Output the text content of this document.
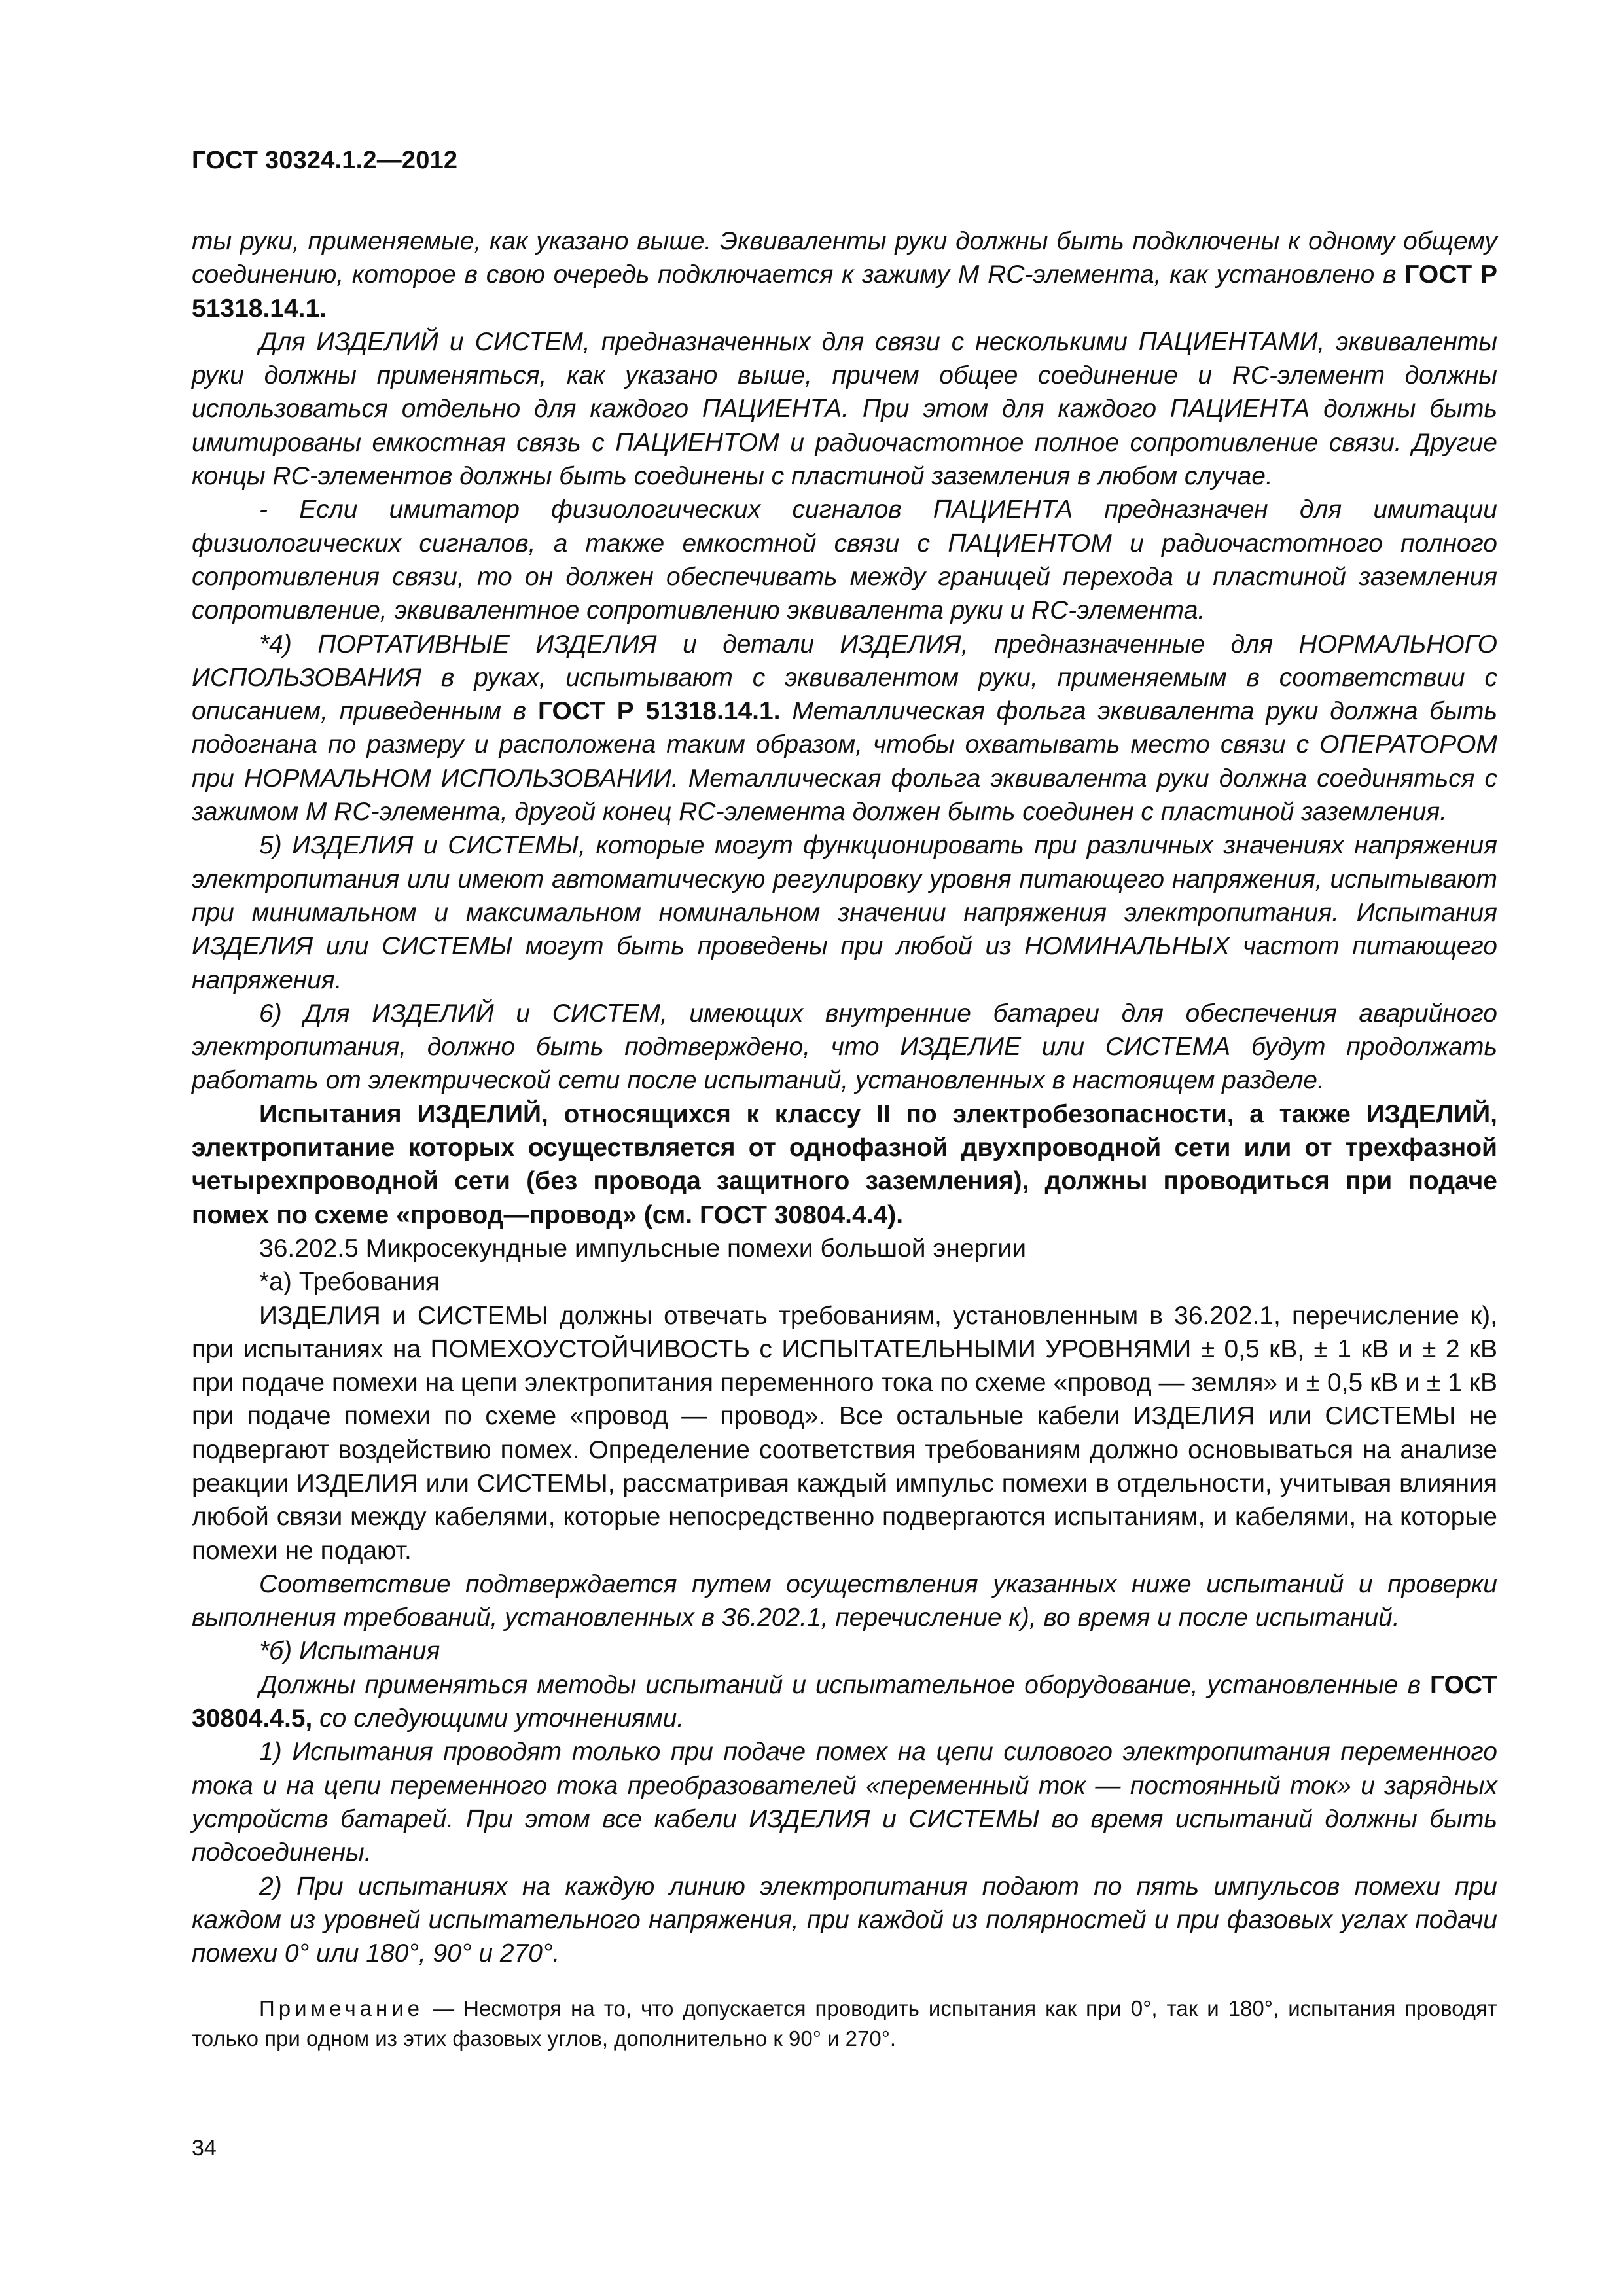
ГОСТ 30324.1.2—2012

ты руки, применяемые, как указано выше. Эквиваленты руки должны быть подключены к одному общему соединению, которое в свою очередь подключается к зажиму М RC-элемента, как установлено в ГОСТ Р 51318.14.1.

Для ИЗДЕЛИЙ и СИСТЕМ, предназначенных для связи с несколькими ПАЦИЕНТАМИ, эквиваленты руки должны применяться, как указано выше, причем общее соединение и RC-элемент должны использоваться отдельно для каждого ПАЦИЕНТА. При этом для каждого ПАЦИЕНТА должны быть имитированы емкостная связь с ПАЦИЕНТОМ и радиочастотное полное сопротивление связи. Другие концы RC-элементов должны быть соединены с пластиной заземления в любом случае.

- Если имитатор физиологических сигналов ПАЦИЕНТА предназначен для имитации физиологических сигналов, а также емкостной связи с ПАЦИЕНТОМ и радиочастотного полного сопротивления связи, то он должен обеспечивать между границей перехода и пластиной заземления сопротивление, эквивалентное сопротивлению эквивалента руки и RC-элемента.

*4) ПОРТАТИВНЫЕ ИЗДЕЛИЯ и детали ИЗДЕЛИЯ, предназначенные для НОРМАЛЬНОГО ИСПОЛЬЗОВАНИЯ в руках, испытывают с эквивалентом руки, применяемым в соответствии с описанием, приведенным в ГОСТ Р 51318.14.1. Металлическая фольга эквивалента руки должна быть подогнана по размеру и расположена таким образом, чтобы охватывать место связи с ОПЕРАТОРОМ при НОРМАЛЬНОМ ИСПОЛЬЗОВАНИИ. Металлическая фольга эквивалента руки должна соединяться с зажимом М RC-элемента, другой конец RC-элемента должен быть соединен с пластиной заземления.

5) ИЗДЕЛИЯ и СИСТЕМЫ, которые могут функционировать при различных значениях напряжения электропитания или имеют автоматическую регулировку уровня питающего напряжения, испытывают при минимальном и максимальном номинальном значении напряжения электропитания. Испытания ИЗДЕЛИЯ или СИСТЕМЫ могут быть проведены при любой из НОМИНАЛЬНЫХ частот питающего напряжения.

6) Для ИЗДЕЛИЙ и СИСТЕМ, имеющих внутренние батареи для обеспечения аварийного электропитания, должно быть подтверждено, что ИЗДЕЛИЕ или СИСТЕМА будут продолжать работать от электрической сети после испытаний, установленных в настоящем разделе.

Испытания ИЗДЕЛИЙ, относящихся к классу II по электробезопасности, а также ИЗДЕЛИЙ, электропитание которых осуществляется от однофазной двухпроводной сети или от трехфазной четырехпроводной сети (без провода защитного заземления), должны проводиться при подаче помех по схеме «провод—провод» (см. ГОСТ 30804.4.4).

36.202.5 Микросекундные импульсные помехи большой энергии

*а) Требования

ИЗДЕЛИЯ и СИСТЕМЫ должны отвечать требованиям, установленным в 36.202.1, перечисление к), при испытаниях на ПОМЕХОУСТОЙЧИВОСТЬ с ИСПЫТАТЕЛЬНЫМИ УРОВНЯМИ ± 0,5 кВ, ± 1 кВ и ± 2 кВ при подаче помехи на цепи электропитания переменного тока по схеме «провод — земля» и ± 0,5 кВ и ± 1 кВ при подаче помехи по схеме «провод — провод». Все остальные кабели ИЗДЕЛИЯ или СИСТЕМЫ не подвергают воздействию помех. Определение соответствия требованиям должно основываться на анализе реакции ИЗДЕЛИЯ или СИСТЕМЫ, рассматривая каждый импульс помехи в отдельности, учитывая влияния любой связи между кабелями, которые непосредственно подвергаются испытаниям, и кабелями, на которые помехи не подают.

Соответствие подтверждается путем осуществления указанных ниже испытаний и проверки выполнения требований, установленных в 36.202.1, перечисление к), во время и после испытаний.

*б) Испытания

Должны применяться методы испытаний и испытательное оборудование, установленные в ГОСТ 30804.4.5, со следующими уточнениями.

1) Испытания проводят только при подаче помех на цепи силового электропитания переменного тока и на цепи переменного тока преобразователей «переменный ток — постоянный ток» и зарядных устройств батарей. При этом все кабели ИЗДЕЛИЯ и СИСТЕМЫ во время испытаний должны быть подсоединены.

2) При испытаниях на каждую линию электропитания подают по пять импульсов помехи при каждом из уровней испытательного напряжения, при каждой из полярностей и при фазовых углах подачи помехи 0° или 180°, 90° и 270°.

Примечание — Несмотря на то, что допускается проводить испытания как при 0°, так и 180°, испытания проводят только при одном из этих фазовых углов, дополнительно к 90° и 270°.

34
